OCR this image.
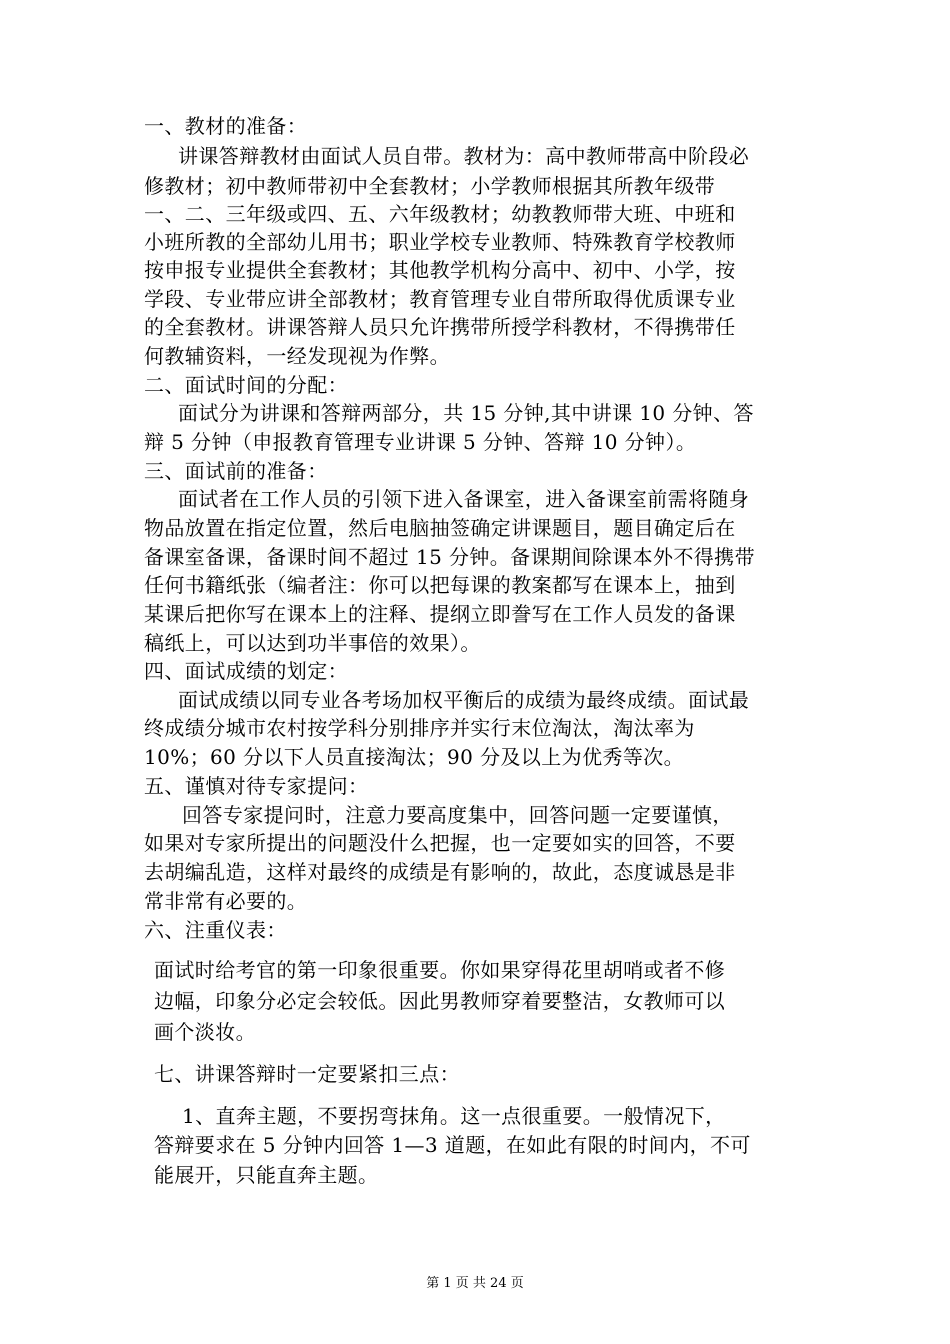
一、教材的准备：

讲课答辩教材由面试人员自带。教材为：高中教师带高中阶段必

修教材；初中教师带初中全套教材；小学教师根据其所教年级带

一、二、三年级或四、五、六年级教材；幼教教师带大班、中班和

小班所教的全部幼儿用书；职业学校专业教师、特殊教育学校教师

按申报专业提供全套教材；其他教学机构分高中、初中、小学，按

学段、专业带应讲全部教材；教育管理专业自带所取得优质课专业

的全套教材。讲课答辩人员只允许携带所授学科教材，不得携带任

何教辅资料，一经发现视为作弊。

二、面试时间的分配：

面试分为讲课和答辩两部分，共 15 分钟,其中讲课 10 分钟、答

辩 5 分钟（申报教育管理专业讲课 5 分钟、答辩 10 分钟）。

三、面试前的准备：

面试者在工作人员的引领下进入备课室，进入备课室前需将随身

物品放置在指定位置，然后电脑抽签确定讲课题目，题目确定后在

备课室备课，备课时间不超过 15 分钟。备课期间除课本外不得携带

任何书籍纸张（编者注：你可以把每课的教案都写在课本上，抽到

某课后把你写在课本上的注释、提纲立即誊写在工作人员发的备课

稿纸上，可以达到功半事倍的效果）。

四、面试成绩的划定：

面试成绩以同专业各考场加权平衡后的成绩为最终成绩。面试最

终成绩分城市农村按学科分别排序并实行末位淘汰，淘汰率为

10%；60 分以下人员直接淘汰；90 分及以上为优秀等次。

五、谨慎对待专家提问：

回答专家提问时，注意力要高度集中，回答问题一定要谨慎，

如果对专家所提出的问题没什么把握，也一定要如实的回答，不要

去胡编乱造，这样对最终的成绩是有影响的，故此，态度诚恳是非

常非常有必要的。

六、注重仪表：

面试时给考官的第一印象很重要。你如果穿得花里胡哨或者不修

边幅，印象分必定会较低。因此男教师穿着要整洁，女教师可以

画个淡妆。

七、讲课答辩时一定要紧扣三点：

1、直奔主题，不要拐弯抹角。这一点很重要。一般情况下，

答辩要求在 5 分钟内回答 1—3 道题，在如此有限的时间内，不可

能展开，只能直奔主题。

第 1 页 共 24 页
